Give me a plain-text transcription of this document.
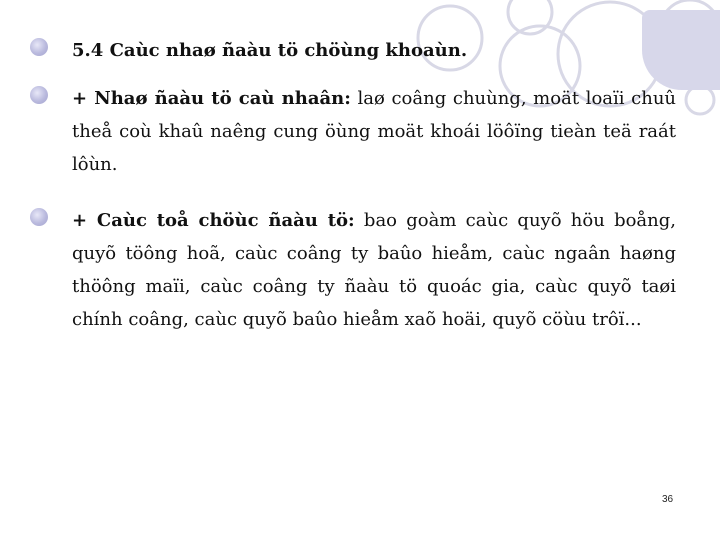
5.4 Caùc nhaø ñaàu tö chöùng khoaùn.
+ Nhaø ñaàu tö caù nhaân: laø coâng chuùng, moät loaïi chuû theå coù khaû naêng cung öùng moät khoái löôïng tieàn teä raát lôùn.
+ Caùc toå chöùc ñaàu tö: bao goàm caùc quyõ höu boång, quyõ töông hoã, caùc coâng ty baûo hieåm, caùc ngaân haøng thöông maïi, caùc coâng ty ñaàu tö quoác gia, caùc quyõ taøi chính coâng, caùc quyõ baûo hieåm xaõ hoäi, quyõ cöùu trôï...
36
